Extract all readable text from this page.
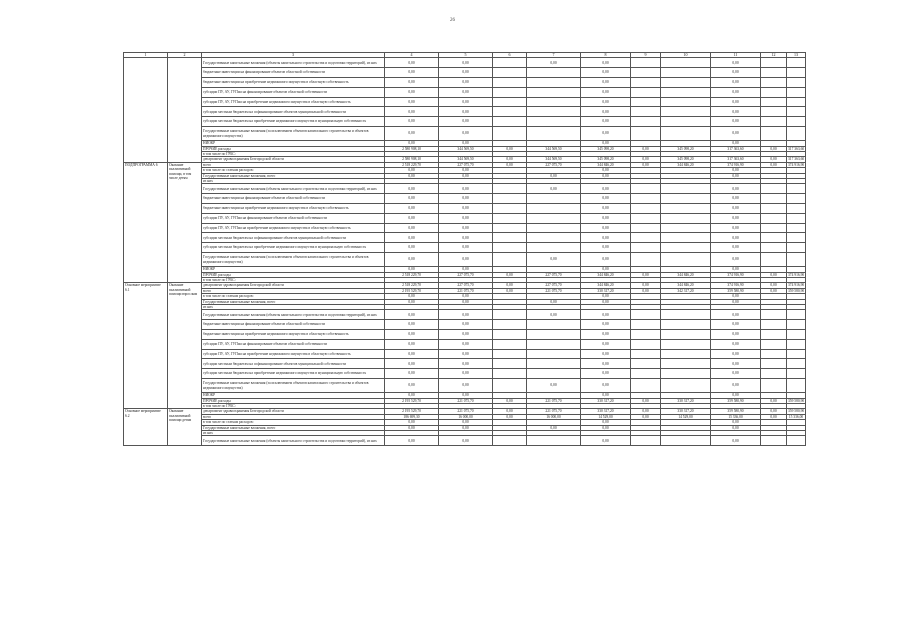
26
1	2	3	4	5	6	7	8	9	10	11	12	13
		Государственные капитальные вложения (объекты капитального строительства и подготовки территорий), из них	0,00	0,00		0,00	0,00			0,00		
		бюджетные инвестиции на финансирование объектов областной собственности	0,00	0,00			0,00			0,00		
		бюджетные инвестиции на приобретение недвижимого имущества в областную собственность	0,00	0,00			0,00			0,00		
		субсидии ПУ, АУ, ГУПам на финансирование объектов областной собственности	0,00	0,00			0,00			0,00		
		субсидии ПУ, АУ, ГУПам на приобретение недвижимого имущества в областную собственность	0,00	0,00			0,00			0,00		
		субсидии местным бюджетам на софинансирование объектов муниципальной собственности	0,00	0,00			0,00			0,00		
		субсидии местным бюджетам на приобретение недвижимого имущества в муниципальную собственность	0,00	0,00			0,00			0,00		
		Государственные капитальные вложения (за исключением объектов капитального строительства и объектов недвижимого имущества)	0,00	0,00			0,00			0,00		
		НИОКР	0,00	0,00			0,00			0,00		
		ПРОЧИЕ расходы	2 580 908,10	344 569,50	0,00	344 569,50	345 098,20	0,00	345 098,20	317 363,60	0,00	317 363,60
		в том числе по ГРБС:										
		департамент здравоохранения Белгородской области	2 580 908,10	344 569,50	0,00	344 569,50	345 098,20	0,00	345 098,20	317 363,60	0,00	317 363,60
ПОДПРОГРАММА 6	Оказание паллиативной помощи, в том числе детям	всего	2 518 229,70	227 075,70	0,00	227 075,70	344 846,20	0,00	344 846,20	374 916,90	0,00	374 916,90
		в том числе по статьям расходов:	0,00	0,00			0,00			0,00		
		Государственные капитальные вложения, всего	0,00	0,00		0,00	0,00			0,00		
		из них										
		Государственные капитальные вложения (объекты капитального строительства и подготовки территорий), из них	0,00	0,00		0,00	0,00			0,00		
		бюджетные инвестиции на финансирование объектов областной собственности	0,00	0,00			0,00			0,00		
		бюджетные инвестиции на приобретение недвижимого имущества в областную собственность	0,00	0,00			0,00			0,00		
		субсидии ПУ, АУ, ГУПам на финансирование объектов областной собственности	0,00	0,00			0,00			0,00		
		субсидии ПУ, АУ, ГУПам на приобретение недвижимого имущества в областную собственность	0,00	0,00			0,00			0,00		
		субсидии местным бюджетам на софинансирование объектов муниципальной собственности	0,00	0,00			0,00			0,00		
		субсидии местным бюджетам на приобретение недвижимого имущества в муниципальную собственность	0,00	0,00			0,00			0,00		
		Государственные капитальные вложения (за исключением объектов капитального строительства и объектов недвижимого имущества)	0,00	0,00		0,00	0,00			0,00		
		НИОКР	0,00	0,00			0,00			0,00		
		ПРОЧИЕ расходы	2 518 229,70	227 075,70	0,00	227 075,70	344 846,20	0,00	344 846,20	374 916,90	0,00	374 916,90
		в том числе по ГРБС:										
Основное мероприятие 6.1	Оказание паллиативной помощи взрослым	департамент здравоохранения Белгородской области	2 518 229,70	227 075,70	0,00	227 075,70	344 846,20	0,00	344 846,20	374 916,90	0,00	374 916,90
		всего	2 195 529,70	221 075,70	0,00	221 075,70	330 317,20	0,00	342 317,20	359 580,90	0,00	359 580,90
		в том числе по статьям расходов:	0,00	0,00			0,00			0,00		
		Государственные капитальные вложения, всего	0,00	0,00		0,00	0,00			0,00		
		из них										
		Государственные капитальные вложения (объекты капитального строительства и подготовки территорий), из них	0,00	0,00		0,00	0,00			0,00		
		бюджетные инвестиции на финансирование объектов областной собственности	0,00	0,00			0,00			0,00		
		бюджетные инвестиции на приобретение недвижимого имущества в областную собственность	0,00	0,00			0,00			0,00		
		субсидии ПУ, АУ, ГУПам на финансирование объектов областной собственности	0,00	0,00			0,00			0,00		
		субсидии ПУ, АУ, ГУПам на приобретение недвижимого имущества в областную собственность	0,00	0,00			0,00			0,00		
		субсидии местным бюджетам на софинансирование объектов муниципальной собственности	0,00	0,00			0,00			0,00		
		субсидии местным бюджетам на приобретение недвижимого имущества в муниципальную собственность	0,00	0,00			0,00			0,00		
		Государственные капитальные вложения (за исключением объектов капитального строительства и объектов недвижимого имущества)	0,00	0,00		0,00	0,00			0,00		
		НИОКР	0,00	0,00			0,00			0,00		
		ПРОЧИЕ расходы	2 195 529,70	221 075,70	0,00	221 075,70	330 317,20	0,00	330 317,20	359 580,90	0,00	359 580,90
		в том числе по ГРБС:										
Основное мероприятие 6.2	Оказание паллиативной помощи детям	департамент здравоохранения Белгородской области	2 195 529,70	221 075,70	0,00	221 075,70	330 317,20	0,00	330 317,20	359 580,90	0,00	359 580,90
		всего	186 699,30	16 000,00	0,00	16 000,00	14 529,00	0,00	14 529,00	15 336,00	0,00	15 336,00
		в том числе по статьям расходов:	0,00	0,00			0,00			0,00		
		Государственные капитальные вложения, всего	0,00	0,00		0,00	0,00			0,00		
		из них										
		Государственные капитальные вложения (объекты капитального строительства и подготовки территорий), из них	0,00	0,00			0,00			0,00		
